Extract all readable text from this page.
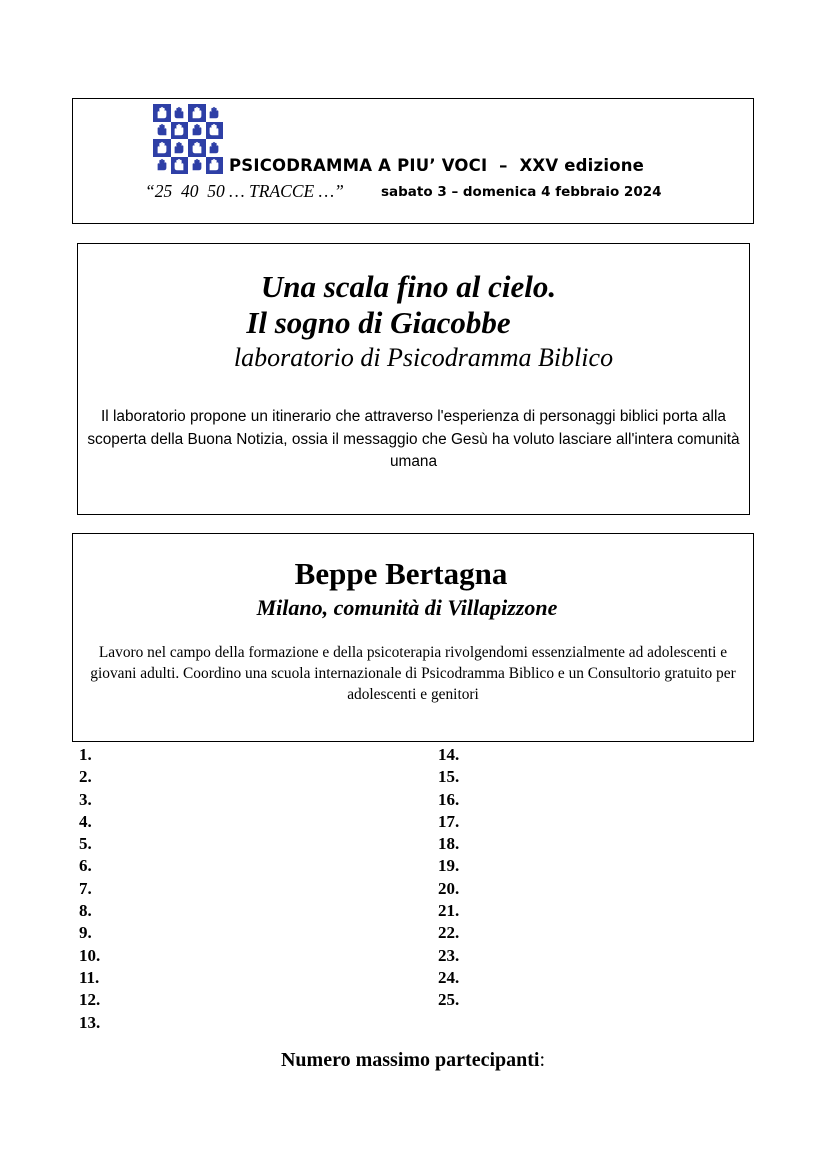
PSICODRAMMA A PIU’ VOCI  –  XXV edizione
“25  40  50 … TRACCE …”	sabato 3 – domenica 4 febbraio 2024
Una scala fino al cielo.
Il sogno di Giacobbe
laboratorio di Psicodramma Biblico
Il laboratorio propone un itinerario che attraverso l'esperienza di personaggi biblici porta alla scoperta della Buona Notizia, ossia il messaggio che Gesù ha voluto lasciare all'intera comunità umana
Beppe Bertagna
Milano, comunità di Villapizzone
Lavoro nel campo della formazione e della psicoterapia rivolgendomi essenzialmente ad adolescenti e giovani adulti. Coordino una scuola internazionale di Psicodramma Biblico e un Consultorio gratuito per adolescenti e genitori
1.
2.
3.
4.
5.
6.
7.
8.
9.
10.
11.
12.
13.
14.
15.
16.
17.
18.
19.
20.
21.
22.
23.
24.
25.
Numero massimo partecipanti:
